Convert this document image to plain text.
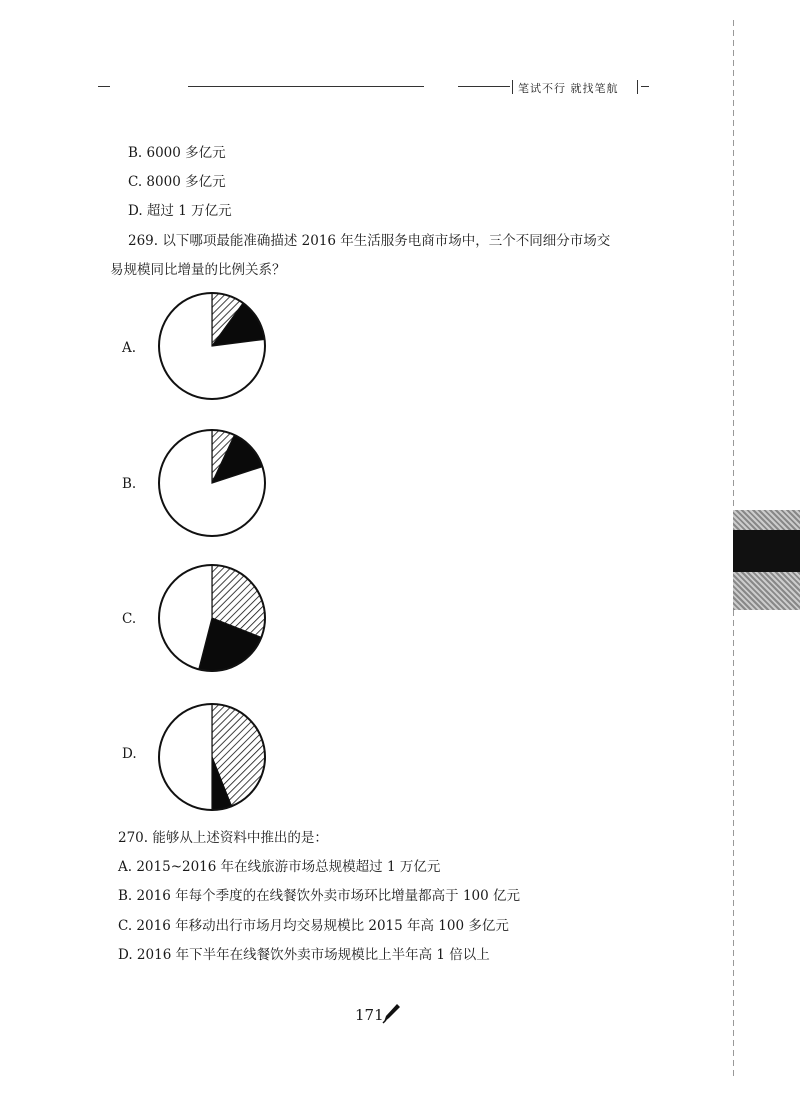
笔试不行 就找笔航
B. 6000 多亿元
C. 8000 多亿元
D. 超过 1 万亿元
269. 以下哪项最能准确描述 2016 年生活服务电商市场中，三个不同细分市场交
易规模同比增量的比例关系？
A.
B.
C.
D.
270. 能够从上述资料中推出的是：
A. 2015~2016 年在线旅游市场总规模超过 1 万亿元
B. 2016 年每个季度的在线餐饮外卖市场环比增量都高于 100 亿元
C. 2016 年移动出行市场月均交易规模比 2015 年高 100 多亿元
D. 2016 年下半年在线餐饮外卖市场规模比上半年高 1 倍以上
171
